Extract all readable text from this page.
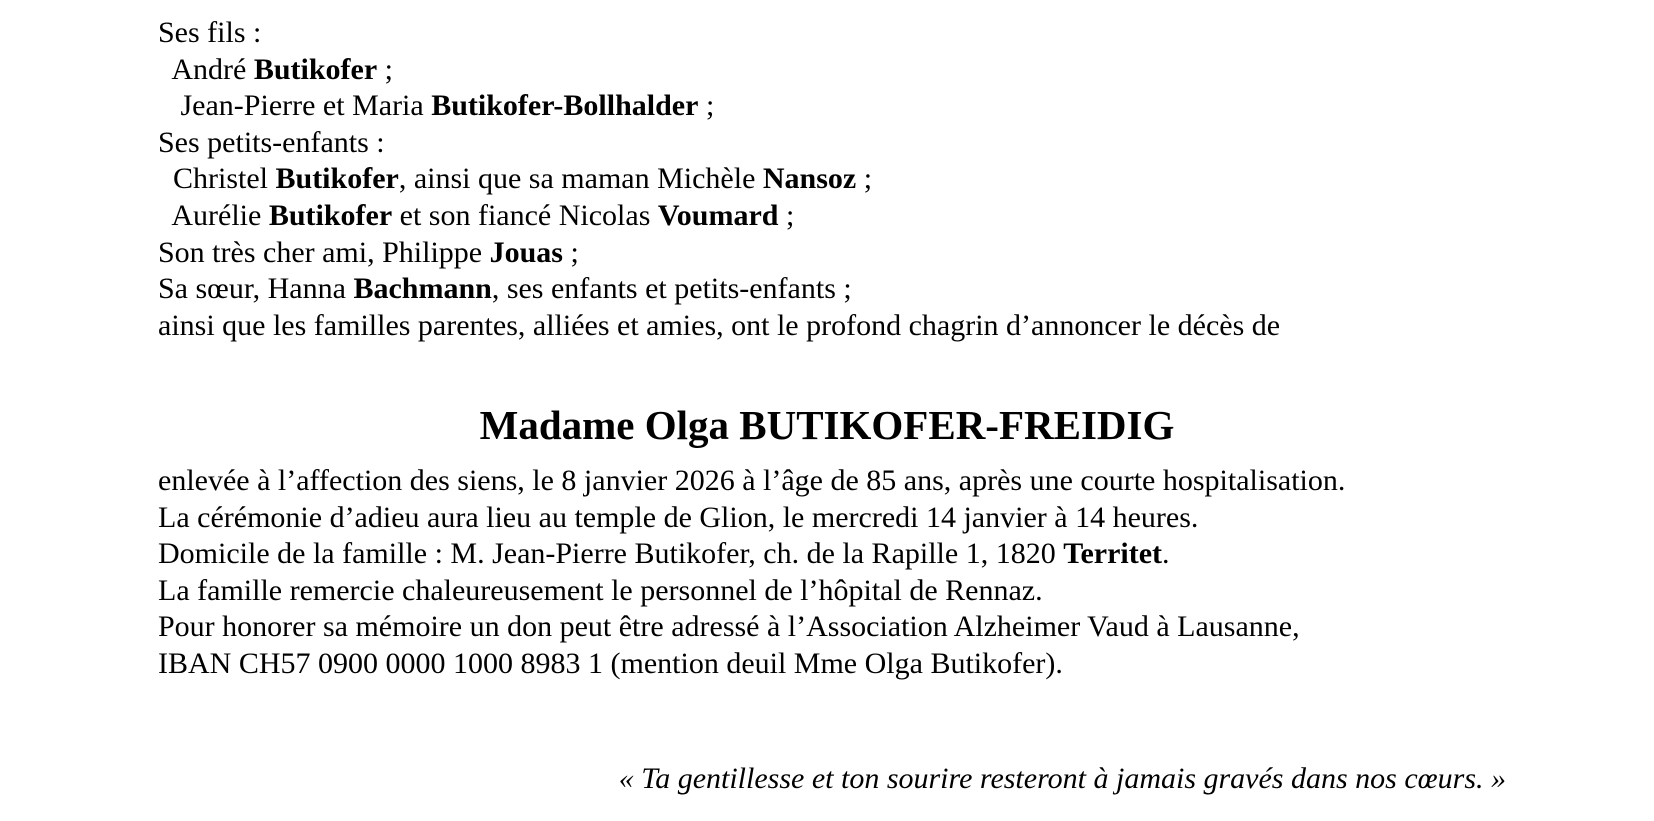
Ses fils :
André Butikofer ;
Jean-Pierre et Maria Butikofer-Bollhalder ;
Ses petits-enfants :
Christel Butikofer, ainsi que sa maman Michèle Nansoz ;
Aurélie Butikofer et son fiancé Nicolas Voumard ;
Son très cher ami, Philippe Jouas ;
Sa sœur, Hanna Bachmann, ses enfants et petits-enfants ;
ainsi que les familles parentes, alliées et amies, ont le profond chagrin d’annoncer le décès de
Madame Olga BUTIKOFER-FREIDIG
enlevée à l’affection des siens, le 8 janvier 2026 à l’âge de 85 ans, après une courte hospitalisation.
La cérémonie d’adieu aura lieu au temple de Glion, le mercredi 14 janvier à 14 heures.
Domicile de la famille : M. Jean-Pierre Butikofer, ch. de la Rapille 1, 1820 Territet.
La famille remercie chaleureusement le personnel de l’hôpital de Rennaz.
Pour honorer sa mémoire un don peut être adressé à l’Association Alzheimer Vaud à Lausanne,
IBAN CH57 0900 0000 1000 8983 1 (mention deuil Mme Olga Butikofer).
« Ta gentillesse et ton sourire resteront à jamais gravés dans nos cœurs. »
